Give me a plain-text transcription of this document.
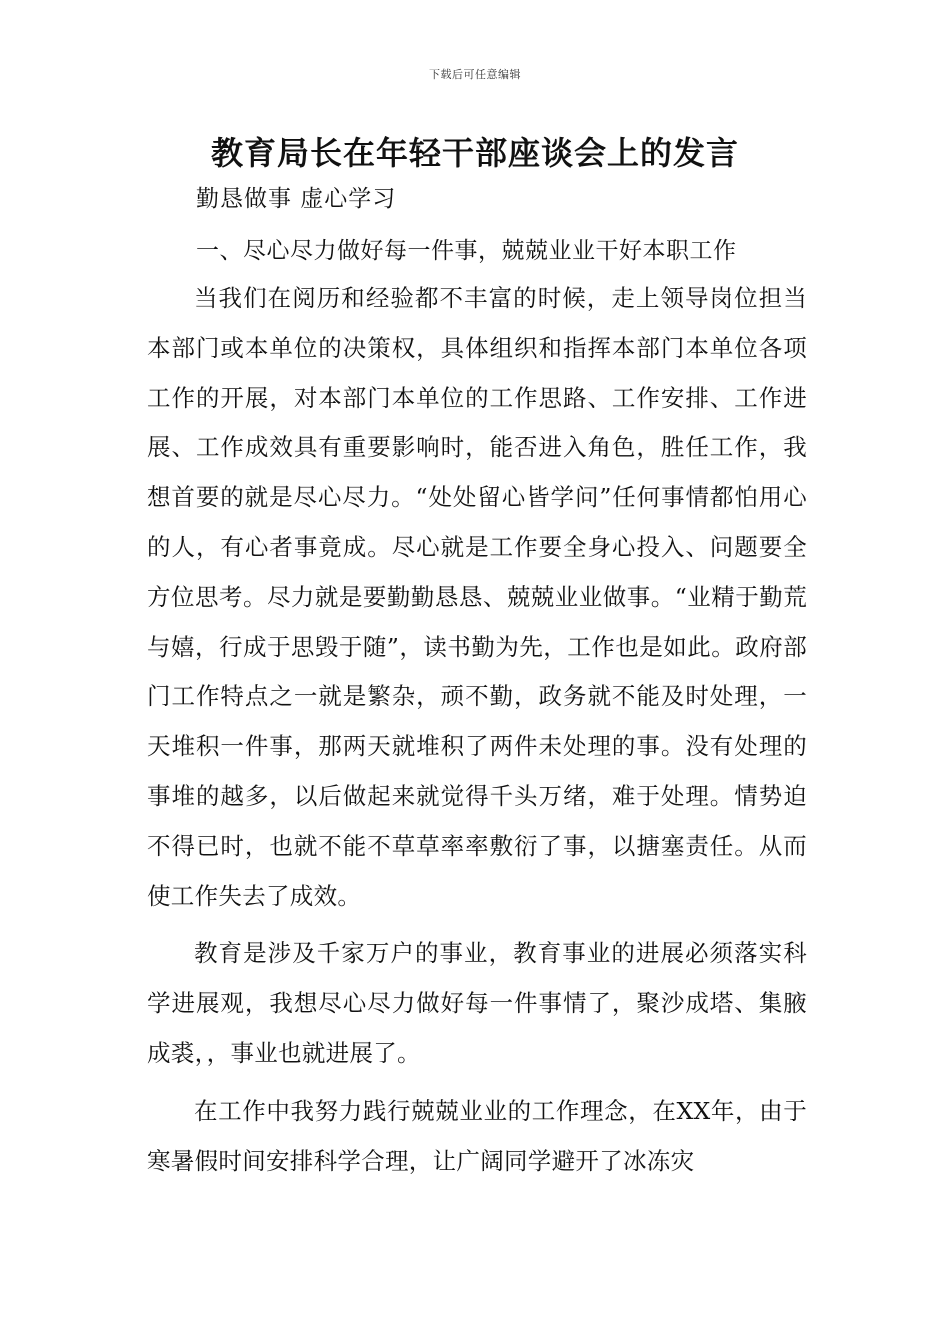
下载后可任意编辑
教育局长在年轻干部座谈会上的发言
勤恳做事 虚心学习
一、尽心尽力做好每一件事，兢兢业业干好本职工作

当我们在阅历和经验都不丰富的时候，走上领导岗位担当本部门或本单位的决策权，具体组织和指挥本部门本单位各项工作的开展，对本部门本单位的工作思路、工作安排、工作进展、工作成效具有重要影响时，能否进入角色，胜任工作，我想首要的就是尽心尽力。“处处留心皆学问”任何事情都怕用心的人，有心者事竟成。尽心就是工作要全身心投入、问题要全方位思考。尽力就是要勤勤恳恳、兢兢业业做事。“业精于勤荒与嬉，行成于思毁于随”，读书勤为先，工作也是如此。政府部门工作特点之一就是繁杂，顽不勤，政务就不能及时处理，一天堆积一件事，那两天就堆积了两件未处理的事。没有处理的事堆的越多，以后做起来就觉得千头万绪，难于处理。情势迫不得已时，也就不能不草草率率敷衍了事，以搪塞责任。从而使工作失去了成效。

教育是涉及千家万户的事业，教育事业的进展必须落实科学进展观，我想尽心尽力做好每一件事情了，聚沙成塔、集腋成裘，，事业也就进展了。

在工作中我努力践行兢兢业业的工作理念，在XX年，由于寒暑假时间安排科学合理，让广阔同学避开了冰冻灾
